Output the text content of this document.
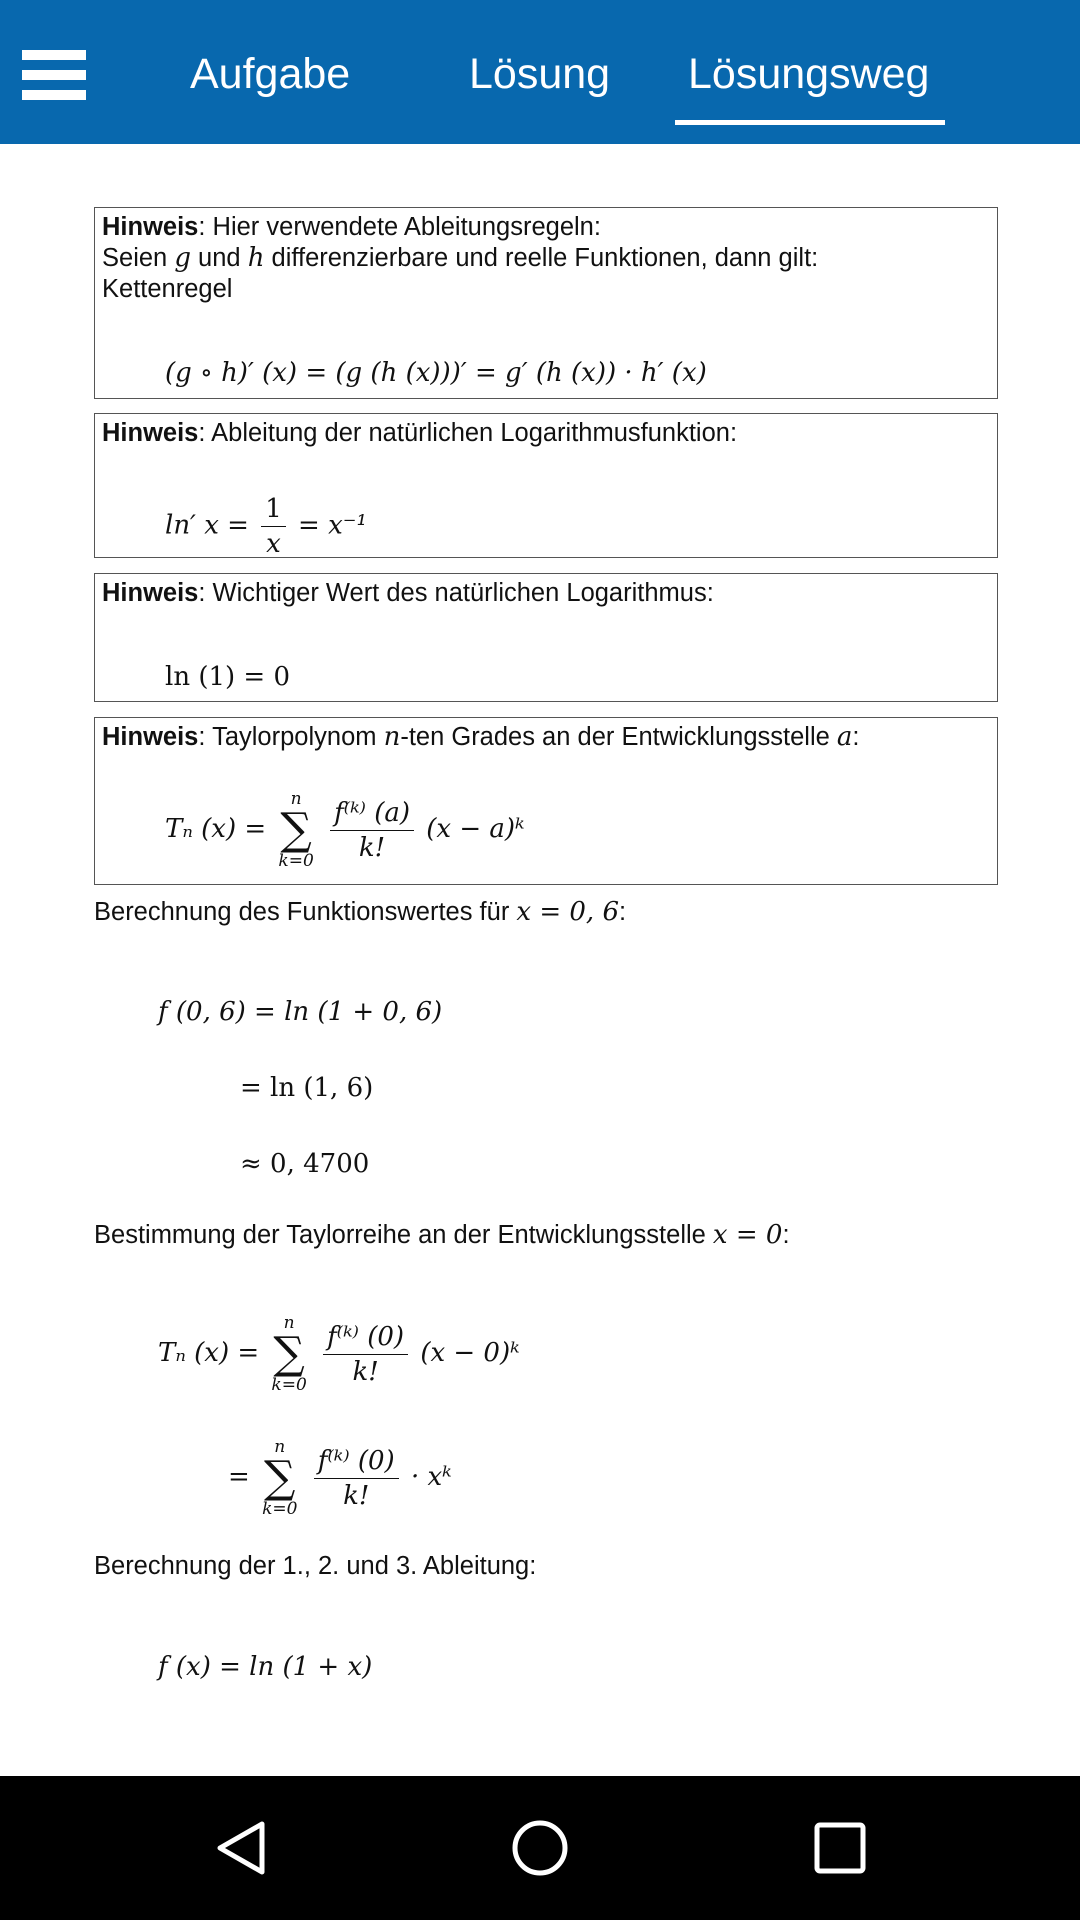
Aufgabe	Lösung Lösungsweg
Hinweis: Hier verwendete Ableitungsregeln:
Seien g und h differenzierbare und reelle Funktionen, dann gilt:
Kettenregel
(g ∘ h)′ (x) = (g (h (x)))′ = g′ (h (x)) · h′ (x)
Hinweis: Ableitung der natürlichen Logarithmusfunktion:
ln′ $x = \frac{1}{x} = x^{-1}$
Hinweis: Wichtiger Wert des natürlichen Logarithmus:
ln (1) = 0
Hinweis: Taylorpolynom n-ten Grades an der Entwicklungsstelle a:
Tₙ (x) =
n
∑
k=0
$\frac{\text{f⁽ᵏ⁾ (a)}}{k!} (x$ − a)ᵏ
Berechnung des Funktionswertes für x = 0, 6:
f (0, 6) = ln (1 + 0, 6)
= ln (1, 6)
≈ 0, 4700
Bestimmung der Taylorreihe an der Entwicklungsstelle x = 0:
Tₙ (x) =
n
∑
k=0
$\frac{\text{f⁽ᵏ⁾ (0)}}{k!} (x$ − 0)ᵏ
=
n
∑
k=0
$\frac{\text{f⁽ᵏ⁾ (0)}}{k!}$ · xᵏ
Berechnung der 1., 2. und 3. Ableitung:
f (x) = ln (1 + x)
